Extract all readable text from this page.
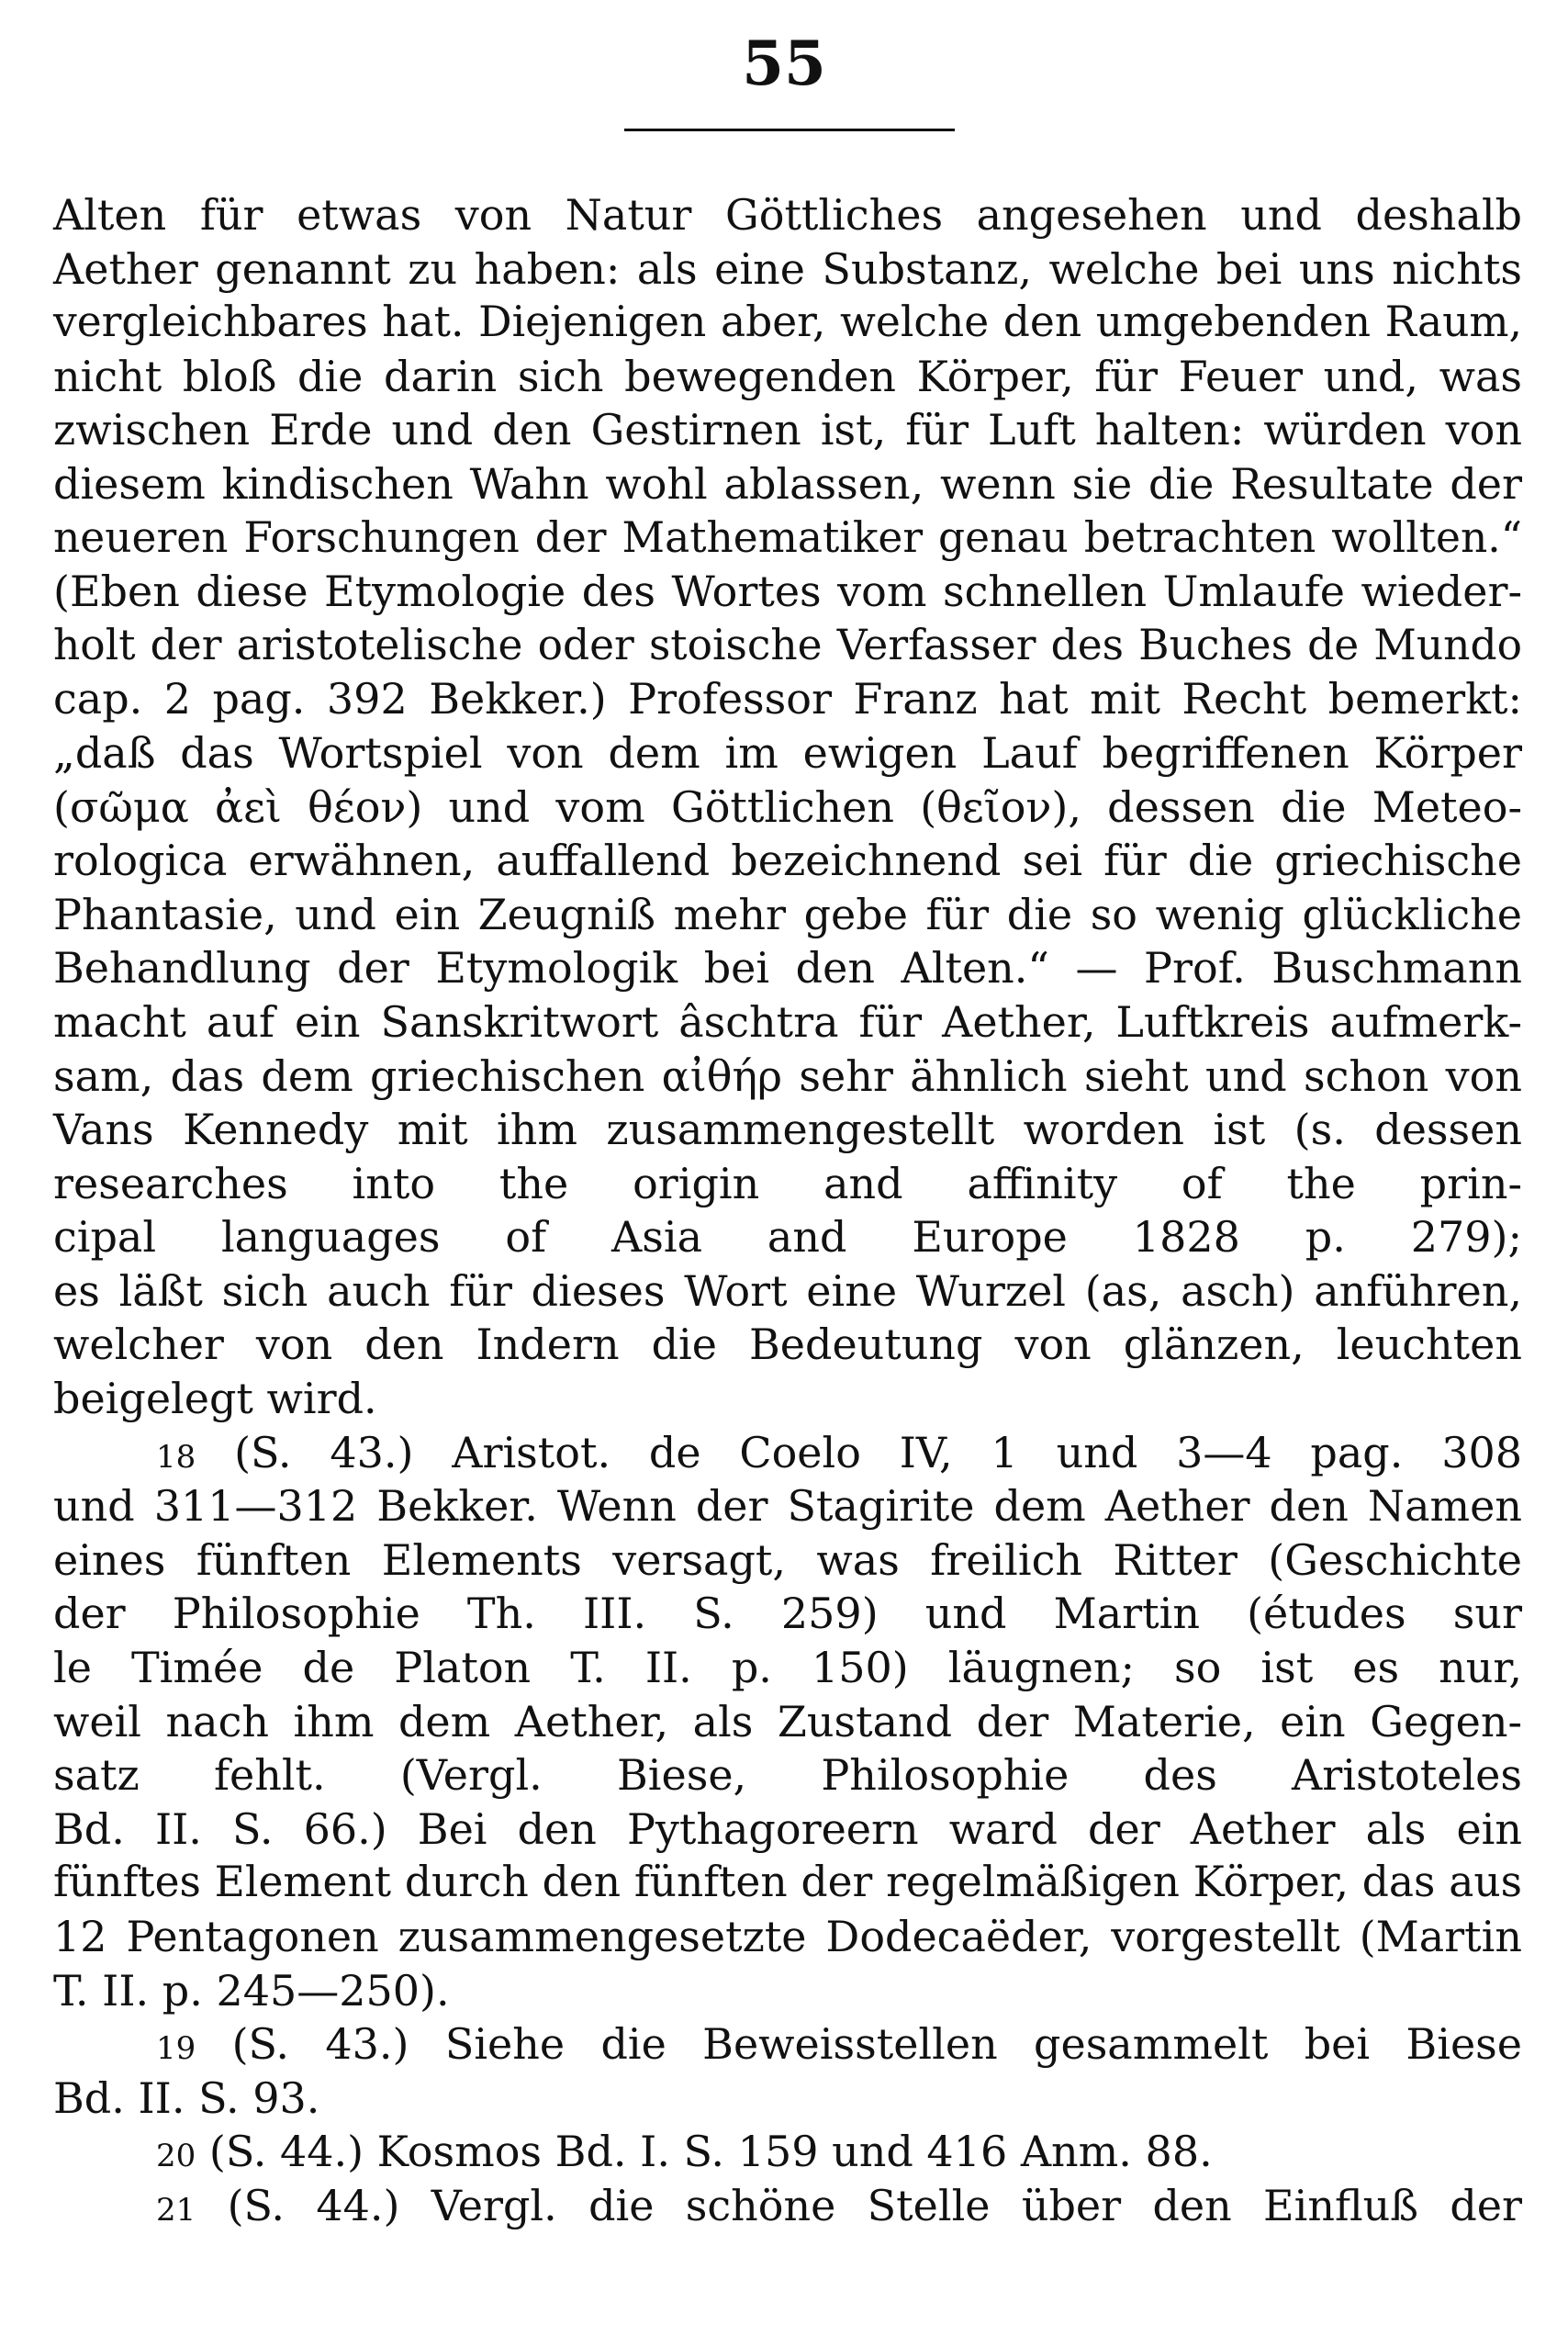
55
Alten für etwas von Natur Göttliches angesehen und deshalb
Aether genannt zu haben: als eine Substanz, welche bei uns nichts
vergleichbares hat. Diejenigen aber, welche den umgebenden Raum,
nicht bloß die darin sich bewegenden Körper, für Feuer und, was
zwischen Erde und den Gestirnen ist, für Luft halten: würden von
diesem kindischen Wahn wohl ablassen, wenn sie die Resultate der
neueren Forschungen der Mathematiker genau betrachten wollten.“
(Eben diese Etymologie des Wortes vom schnellen Umlaufe wieder-
holt der aristotelische oder stoische Verfasser des Buches de Mundo
cap. 2 pag. 392 Bekker.) Professor Franz hat mit Recht bemerkt:
„daß das Wortspiel von dem im ewigen Lauf begriffenen Körper
(σῶμα ἀεὶ θέον) und vom Göttlichen (θεῖον), dessen die Meteo-
rologica erwähnen, auffallend bezeichnend sei für die griechische
Phantasie, und ein Zeugniß mehr gebe für die so wenig glückliche
Behandlung der Etymologik bei den Alten.“ — Prof. Buschmann
macht auf ein Sanskritwort âschtra für Aether, Luftkreis aufmerk-
sam, das dem griechischen αἰθήρ sehr ähnlich sieht und schon von
Vans Kennedy mit ihm zusammengestellt worden ist (s. dessen
researches into the origin and affinity of the prin-
cipal languages of Asia and Europe 1828 p. 279);
es läßt sich auch für dieses Wort eine Wurzel (as, asch) anführen,
welcher von den Indern die Bedeutung von glänzen, leuchten
beigelegt wird.
18 (S. 43.) Aristot. de Coelo IV, 1 und 3—4 pag. 308
und 311—312 Bekker. Wenn der Stagirite dem Aether den Namen
eines fünften Elements versagt, was freilich Ritter (Geschichte
der Philosophie Th. III. S. 259) und Martin (études sur
le Timée de Platon T. II. p. 150) läugnen; so ist es nur,
weil nach ihm dem Aether, als Zustand der Materie, ein Gegen-
satz fehlt. (Vergl. Biese, Philosophie des Aristoteles
Bd. II. S. 66.) Bei den Pythagoreern ward der Aether als ein
fünftes Element durch den fünften der regelmäßigen Körper, das aus
12 Pentagonen zusammengesetzte Dodecaëder, vorgestellt (Martin
T. II. p. 245—250).
19 (S. 43.) Siehe die Beweisstellen gesammelt bei Biese
Bd. II. S. 93.
20 (S. 44.) Kosmos Bd. I. S. 159 und 416 Anm. 88.
21 (S. 44.) Vergl. die schöne Stelle über den Einfluß der
